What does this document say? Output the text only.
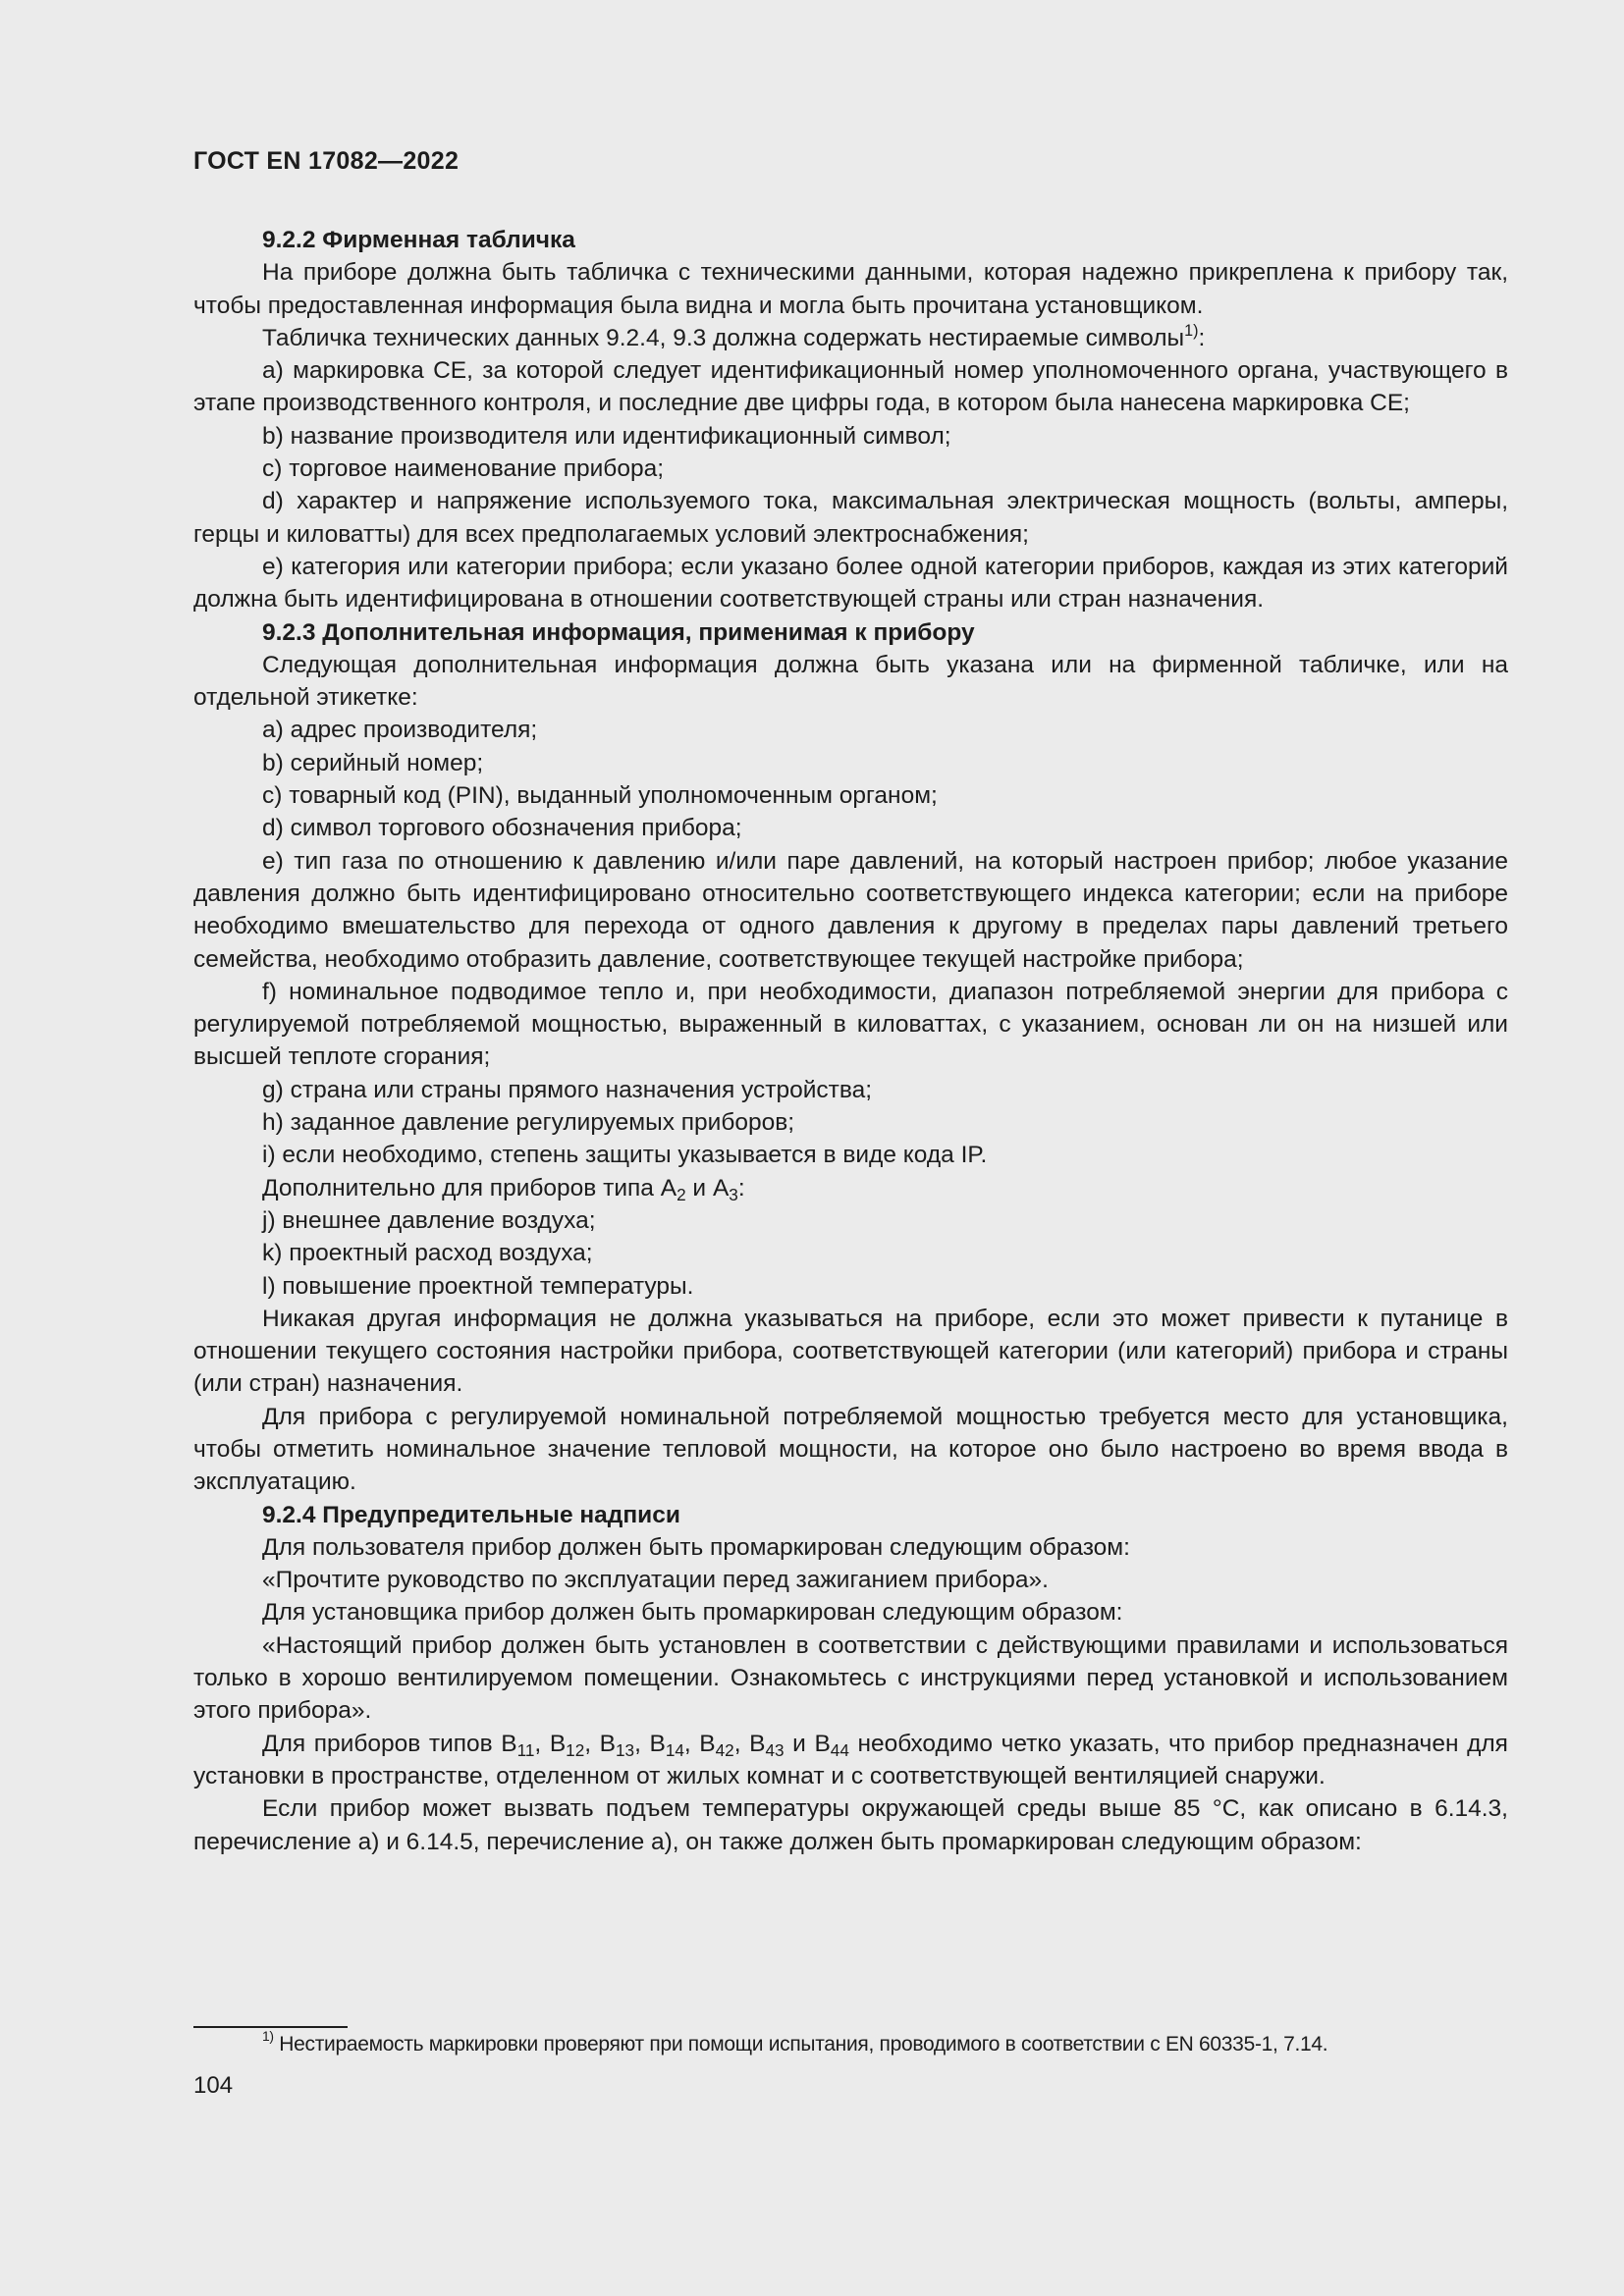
ГОСТ EN 17082—2022

9.2.2 Фирменная табличка

На приборе должна быть табличка с техническими данными, которая надежно прикреплена к прибору так, чтобы предоставленная информация была видна и могла быть прочитана установщиком.

Табличка технических данных 9.2.4, 9.3 должна содержать нестираемые символы$^{1)}$:

a) маркировка СЕ, за которой следует идентификационный номер уполномоченного органа, участвующего в этапе производственного контроля, и последние две цифры года, в котором была нанесена маркировка СЕ;

b) название производителя или идентификационный символ;

c) торговое наименование прибора;

d) характер и напряжение используемого тока, максимальная электрическая мощность (вольты, амперы, герцы и киловатты) для всех предполагаемых условий электроснабжения;

e) категория или категории прибора; если указано более одной категории приборов, каждая из этих категорий должна быть идентифицирована в отношении соответствующей страны или стран назначения.

9.2.3 Дополнительная информация, применимая к прибору

Следующая дополнительная информация должна быть указана или на фирменной табличке, или на отдельной этикетке:

a) адрес производителя;

b) серийный номер;

c) товарный код (PIN), выданный уполномоченным органом;

d) символ торгового обозначения прибора;

e) тип газа по отношению к давлению и/или паре давлений, на который настроен прибор; любое указание давления должно быть идентифицировано относительно соответствующего индекса категории; если на приборе необходимо вмешательство для перехода от одного давления к другому в пределах пары давлений третьего семейства, необходимо отобразить давление, соответствующее текущей настройке прибора;

f) номинальное подводимое тепло и, при необходимости, диапазон потребляемой энергии для прибора с регулируемой потребляемой мощностью, выраженный в киловаттах, с указанием, основан ли он на низшей или высшей теплоте сгорания;

g) страна или страны прямого назначения устройства;

h) заданное давление регулируемых приборов;

i) если необходимо, степень защиты указывается в виде кода IP.

Дополнительно для приборов типа $A_2$ и $A_3$:

j) внешнее давление воздуха;

k) проектный расход воздуха;

l) повышение проектной температуры.

Никакая другая информация не должна указываться на приборе, если это может привести к путанице в отношении текущего состояния настройки прибора, соответствующей категории (или категорий) прибора и страны (или стран) назначения.

Для прибора с регулируемой номинальной потребляемой мощностью требуется место для установщика, чтобы отметить номинальное значение тепловой мощности, на которое оно было настроено во время ввода в эксплуатацию.

9.2.4 Предупредительные надписи

Для пользователя прибор должен быть промаркирован следующим образом:

«Прочтите руководство по эксплуатации перед зажиганием прибора».

Для установщика прибор должен быть промаркирован следующим образом:

«Настоящий прибор должен быть установлен в соответствии с действующими правилами и использоваться только в хорошо вентилируемом помещении. Ознакомьтесь с инструкциями перед установкой и использованием этого прибора».

Для приборов типов $B_{11}$, $B_{12}$, $B_{13}$, $B_{14}$, $B_{42}$, $B_{43}$ и $B_{44}$ необходимо четко указать, что прибор предназначен для установки в пространстве, отделенном от жилых комнат и с соответствующей вентиляцией снаружи.

Если прибор может вызвать подъем температуры окружающей среды выше 85 °С, как описано в 6.14.3, перечисление а) и 6.14.5, перечисление а), он также должен быть промаркирован следующим образом:

$^{1)}$ Нестираемость маркировки проверяют при помощи испытания, проводимого в соответствии с EN 60335-1, 7.14.
104
